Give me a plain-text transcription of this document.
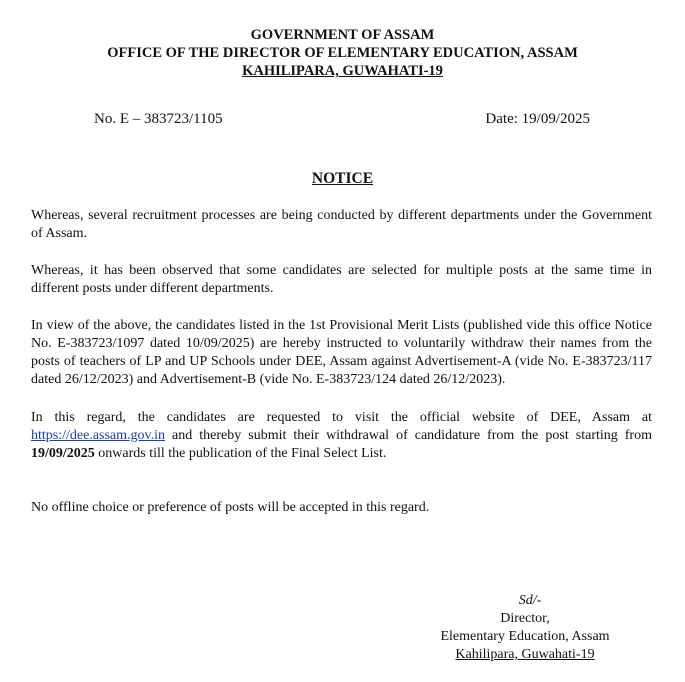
GOVERNMENT OF ASSAM
OFFICE OF THE DIRECTOR OF ELEMENTARY EDUCATION, ASSAM
KAHILIPARA, GUWAHATI-19
No. E – 383723/1105	Date: 19/09/2025
NOTICE

Whereas, several recruitment processes are being conducted by different departments under the Government of Assam.

Whereas, it has been observed that some candidates are selected for multiple posts at the same time in different posts under different departments.

In view of the above, the candidates listed in the 1st Provisional Merit Lists (published vide this office Notice No. E-383723/1097 dated 10/09/2025) are hereby instructed to voluntarily withdraw their names from the posts of teachers of LP and UP Schools under DEE, Assam against Advertisement-A (vide No. E-383723/117 dated 26/12/2023) and Advertisement-B (vide No. E-383723/124 dated 26/12/2023).

In this regard, the candidates are requested to visit the official website of DEE, Assam at https://dee.assam.gov.in and thereby submit their withdrawal of candidature from the post starting from 19/09/2025 onwards till the publication of the Final Select List.

No offline choice or preference of posts will be accepted in this regard.

Sd/-
Director,
Elementary Education, Assam
Kahilipara, Guwahati-19
